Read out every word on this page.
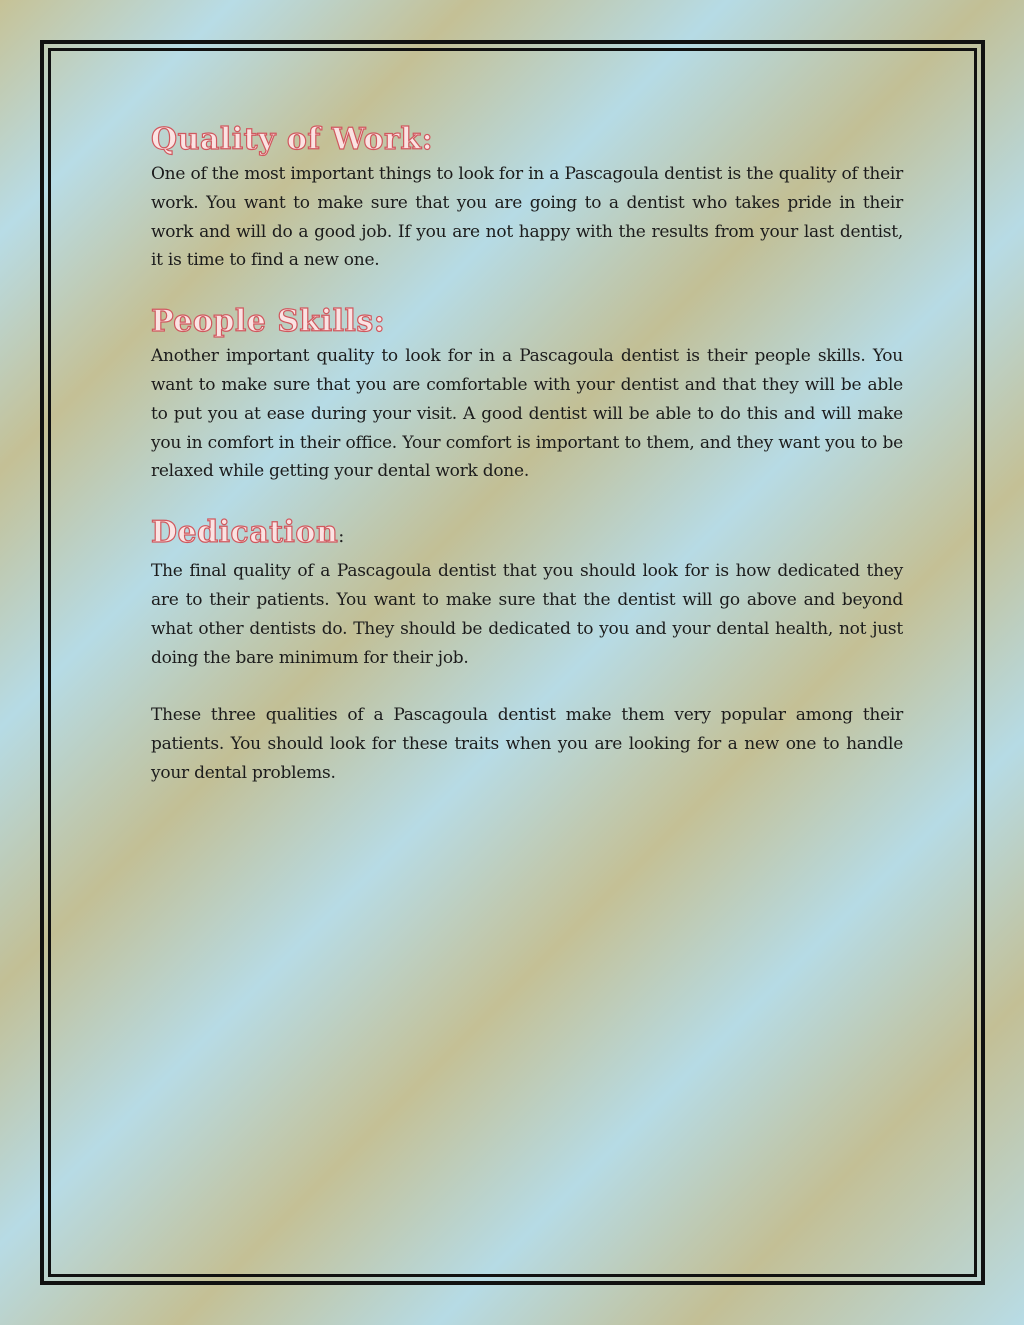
Quality of Work:

One of the most important things to look for in a Pascagoula dentist is the quality of their work. You want to make sure that you are going to a dentist who takes pride in their work and will do a good job. If you are not happy with the results from your last dentist, it is time to find a new one.

People Skills:

Another important quality to look for in a Pascagoula dentist is their people skills. You want to make sure that you are comfortable with your dentist and that they will be able to put you at ease during your visit. A good dentist will be able to do this and will make you in comfort in their office. Your comfort is important to them, and they want you to be relaxed while getting your dental work done.

Dedication:

The final quality of a Pascagoula dentist that you should look for is how dedicated they are to their patients. You want to make sure that the dentist will go above and beyond what other dentists do. They should be dedicated to you and your dental health, not just doing the bare minimum for their job.

These three qualities of a Pascagoula dentist make them very popular among their patients. You should look for these traits when you are looking for a new one to handle your dental problems.
